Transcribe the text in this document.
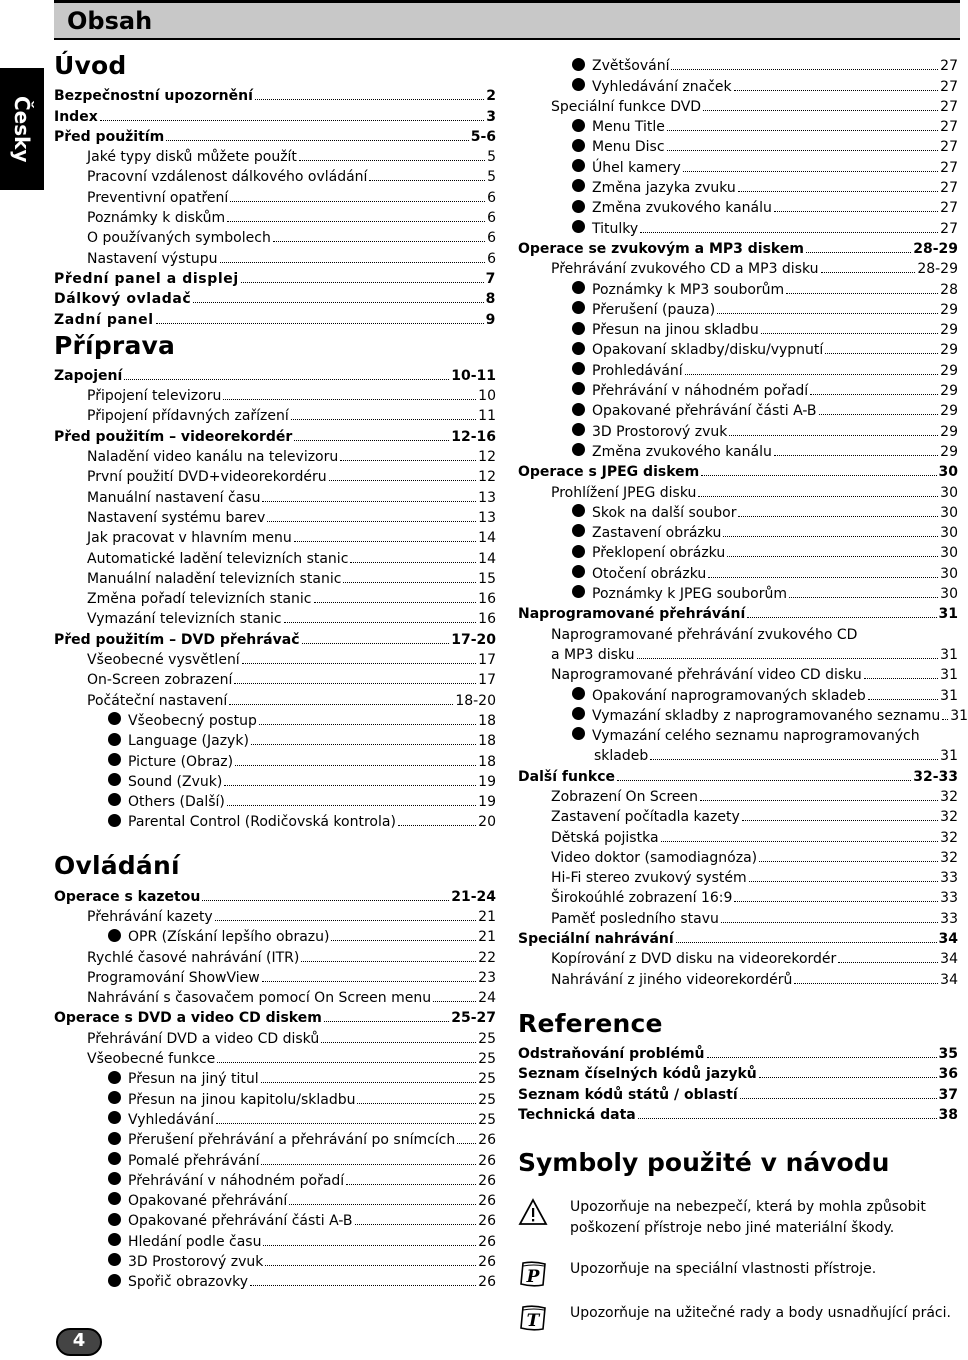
Česky
Obsah
Úvod
Bezpečnostní upozornění	2
Index	3
Před použitím	5-6
Jaké typy disků můžete použít	5
Pracovní vzdálenost dálkového ovládání	5
Preventivní opatření	6
Poznámky k diskům	6
O používaných symbolech	6
Nastavení výstupu	6
Přední panel a displej	7
Dálkový ovladač	8
Zadní panel	9
Příprava
Zapojení	10-11
Připojení televizoru	10
Připojení přídavných zařízení	11
Před použitím – videorekordér	12-16
Naladění video kanálu na televizoru	12
První použití DVD+videorekordéru	12
Manuální nastavení času	13
Nastavení systému barev	13
Jak pracovat v hlavním menu	14
Automatické ladění televizních stanic	14
Manuální naladění televizních stanic	15
Změna pořadí televizních stanic	16
Vymazání televizních stanic	16
Před použitím – DVD přehrávač	17-20
Všeobecné vysvětlení	17
On-Screen zobrazení	17
Počáteční nastavení	18-20
Všeobecný postup	18
Language (Jazyk)	18
Picture (Obraz)	18
Sound (Zvuk)	19
Others (Další)	19
Parental Control (Rodičovská kontrola)	20
Ovládání
Operace s kazetou	21-24
Přehrávání kazety	21
OPR (Získání lepšího obrazu)	21
Rychlé časové nahrávání (ITR)	22
Programování ShowView	23
Nahrávání s časovačem pomocí On Screen menu	24
Operace s DVD a video CD diskem	25-27
Přehrávání DVD a video CD disků	25
Všeobecné funkce	25
Přesun na jiný titul	25
Přesun na jinou kapitolu/skladbu	25
Vyhledávání	25
Přerušení přehrávání a přehrávání po snímcích 26
Pomalé přehrávání	26
Přehrávání v náhodném pořadí	26
Opakované přehrávání	26
Opakované přehrávání části A-B	26
Hledání podle času	26
3D Prostorový zvuk	26
Spořič obrazovky	26
Zvětšování	27
Vyhledávání značek	27
Speciální funkce DVD	27
Menu Title	27
Menu Disc	27
Úhel kamery	27
Změna jazyka zvuku	27
Změna zvukového kanálu	27
Titulky	27
Operace se zvukovým a MP3 diskem	28-29
Přehrávání zvukového CD a MP3 disku	28-29
Poznámky k MP3 souborům	28
Přerušení (pauza)	29
Přesun na jinou skladbu	29
Opakovaní skladby/disku/vypnutí	29
Prohledávání	29
Přehrávání v náhodném pořadí	29
Opakované přehrávání části A-B	29
3D Prostorový zvuk	29
Změna zvukového kanálu	29
Operace s JPEG diskem	30
Prohlížení JPEG disku	30
Skok na další soubor	30
Zastavení obrázku	30
Překlopení obrázku	30
Otočení obrázku	30
Poznámky k JPEG souborům	30
Naprogramované přehrávání	31
Naprogramované přehrávání zvukového CD
a MP3 disku	31
Naprogramované přehrávání video CD disku	31
Opakování naprogramovaných skladeb	31
Vymazání skladby z naprogramovaného seznamu 31
Vymazání celého seznamu naprogramovaných
skladeb	31
Další funkce	32-33
Zobrazení On Screen	32
Zastavení počítadla kazety	32
Dětská pojistka	32
Video doktor (samodiagnóza)	32
Hi-Fi stereo zvukový systém	33
Širokoúhlé zobrazení 16:9	33
Paměť posledního stavu	33
Speciální nahrávání	34
Kopírování z DVD disku na videorekordér	34
Nahrávání z jiného videorekordérů	34
Reference
Odstraňování problémů	35
Seznam číselných kódů jazyků	36
Seznam kódů států / oblastí	37
Technická data	38
Symboly použité v návodu
Upozorňuje na nebezpečí, která by mohla způsobit poškození přístroje nebo jiné materiální škody.
P Upozorňuje na speciální vlastnosti přístroje.
T Upozorňuje na užitečné rady a body usnadňující práci.
4
